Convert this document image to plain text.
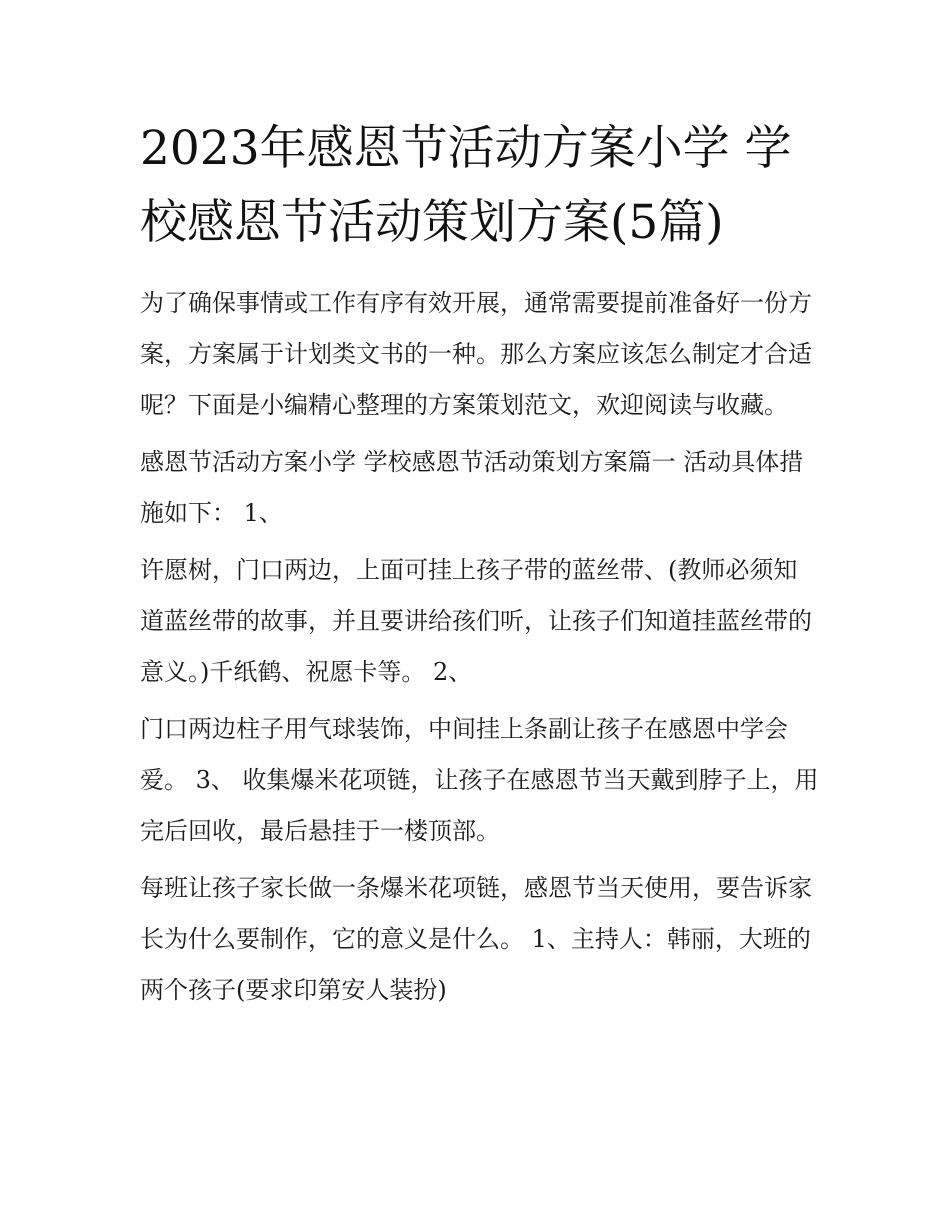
2023年感恩节活动方案小学 学校感恩节活动策划方案(5篇)

为了确保事情或工作有序有效开展，通常需要提前准备好一份方案，方案属于计划类文书的一种。那么方案应该怎么制定才合适呢？下面是小编精心整理的方案策划范文，欢迎阅读与收藏。

感恩节活动方案小学 学校感恩节活动策划方案篇一 活动具体措施如下： 1、

许愿树，门口两边，上面可挂上孩子带的蓝丝带、(教师必须知道蓝丝带的故事，并且要讲给孩们听，让孩子们知道挂蓝丝带的意义。)千纸鹤、祝愿卡等。 2、

门口两边柱子用气球装饰，中间挂上条副让孩子在感恩中学会爱。 3、 收集爆米花项链，让孩子在感恩节当天戴到脖子上，用完后回收，最后悬挂于一楼顶部。

每班让孩子家长做一条爆米花项链，感恩节当天使用，要告诉家长为什么要制作，它的意义是什么。 1、主持人：韩丽，大班的两个孩子(要求印第安人装扮)
